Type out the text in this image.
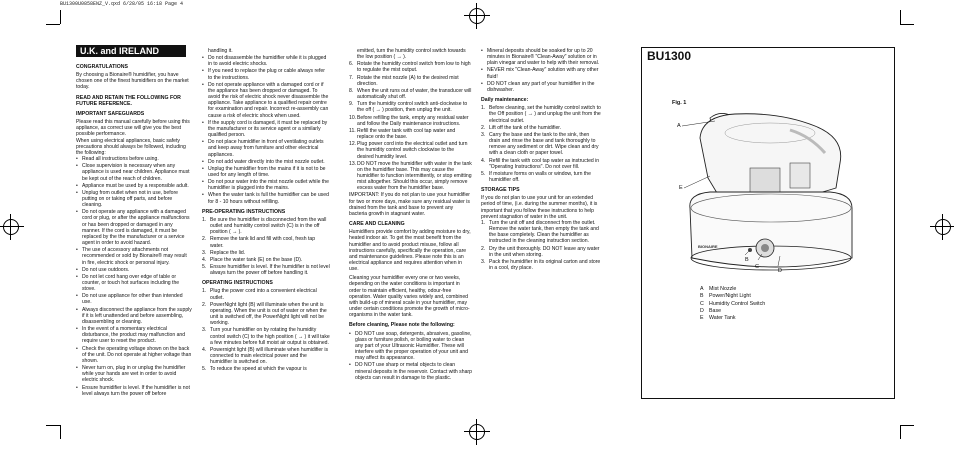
BU1300U0858ENZ_V.qxd 6/28/05 16:18 Page 4
U.K. and IRELAND
CONGRATULATIONS

By choosing a Bionaire® humidifier, you have chosen one of the finest humidifiers on the market today.

READ AND RETAIN THE FOLLOWING FOR FUTURE REFERENCE.
IMPORTANT SAFEGUARDS

Please read this manual carefully before using this appliance, as correct use will give you the best possible performance.

When using electrical appliances, basic safety precautions should always be followed, including the following:

• Read all instructions before using.
• Close supervision is necessary when any appliance is used near children. Appliance must be kept out of the reach of children.
• Appliance must be used by a responsible adult.
• Unplug from outlet when not in use, before putting on or taking off parts, and before cleaning.
• Do not operate any appliance with a damaged cord or plug, or after the appliance malfunctions or has been dropped or damaged in any manner. If the cord is damaged, it must be replaced by the the manufacturer or a service agent in order to avoid hazard.
• The use of accessory attachments not recommended or sold by Bionaire® may result in fire, electric shock or personal injury.
• Do not use outdoors.
• Do not let cord hang over edge of table or counter, or touch hot surfaces including the stove.
• Do not use appliance for other than intended use.
• Always disconnect the appliance from the supply if it is left unattended and before assembling, disassembling or cleaning.
• In the event of a momentary electrical disturbance, the product may malfunction and require user to reset the product.
• Check the operating voltage shown on the back of the unit. Do not operate at higher voltage than shown.
• Never turn on, plug in or unplug the humidifier while your hands are wet in order to avoid electric shock.
• Ensure humidifier is level. If the humidifier is not level always turn the power off before

handling it.

• Do not disassemble the humidifier while it is plugged in to avoid electric shocks.
• If you need to replace the plug or cable always refer to the instructions.
• Do not operate appliance with a damaged cord or if the appliance has been dropped or damaged. To avoid the risk of electric shock never disassemble the appliance. Take appliance to a qualified repair centre for examination and repair. Incorrect re-assembly can cause a risk of electric shock when used.
• If the supply cord is damaged, it must be replaced by the manufacturer or its service agent or a similarly qualified person.
• Do not place humidifier in front of ventilating outlets and keep away from furniture and other electrical appliances.
• Do not add water directly into the mist nozzle outlet.
• Unplug the humidifier from the mains if it is not to be used for any length of time.
• Do not pour water into the mist nozzle outlet while the humidifier is plugged into the mains.
• When the water tank is full the humidifier can be used for 8 - 10 hours without refilling.
PRE-OPERATING INSTRUCTIONS
1. Be sure the humidifier is disconnected from the wall outlet and humidity control switch (C) is in the off position ( → ).
2. Remove the tank lid and fill with cool, fresh tap water.
3. Replace the lid.
4. Place the water tank (E) on the base (D).
5. Ensure humidifier is level. If the humidifier is not level always turn the power off before handling it.
OPERATING INSTRUCTIONS
1. Plug the power cord into a convenient electrical outlet.
2. PowerNight light (B) will illuminate when the unit is operating. When the unit is out of water or when the unit is switched off, the PowerNight light will not be working.
3. Turn your humidifier on by rotating the humidity control switch (C) to the high position ( → ) it will take a few minutes before full moist air output is obtained.
4. Powernight light (B) will illuminate when humidifier is connected to main electrical power and the humidifier is switched on.
5. To reduce the speed at which the vapour is

emitted, turn the humidity control switch towards the low position ( → ).

6. Rotate the humidity control switch from low to high to regulate the mist output.
7. Rotate the mist nozzle (A) to the desired mist direction.
8. When the unit runs out of water, the transducer will automatically shut off.
9. Turn the humidity control switch anti-clockwise to the off ( → ) position, then unplug the unit.
10. Before refilling the tank, empty any residual water and follow the Daily maintenance instructions.
11. Refill the water tank with cool tap water and replace onto the base.
12. Plug power cord into the electrical outlet and turn the humidity control switch clockwise to the desired humidity level.
13. DO NOT move the humidifier with water in the tank on the humidifier base. This may cause the humidifier to function intermittently, or stop emitting mist altogether. Should this occur, simply remove excess water from the humidifier base.

IMPORTANT: If you do not plan to use your humidifier for two or more days, make sure any residual water is drained from the tank and base to prevent any bacteria growth in stagnant water.

CARE AND CLEANING

Humidifiers provide comfort by adding moisture to dry, heated indoor air. To get the most benefit from the humidifier and to avoid product misuse, follow all instructions carefully, specifically the operation, care and maintenance guidelines. Please note this is an electrical appliance and requires attention when in use.

Cleaning your humidifier every one or two weeks, depending on the water conditions is important in order to maintain efficient, healthy, odour-free operation. Water quality varies widely and, combined with build-up of mineral scale in your humidifier, may under certain conditions promote the growth of micro-organisms in the water tank.

Before cleaning, Please note the following:
• DO NOT use soap, detergents, abrasives, gasoline, glass or furniture polish, or boiling water to clean any part of your Ultrasonic Humidifier. These will interfere with the proper operation of your unit and may affect its appearance.
• DO NOT use sharp or metal objects to clean mineral deposits in the reservoir. Contact with sharp objects can result in damage to the plastic.
• Mineral deposits should be soaked for up to 20 minutes in Bionaire® "Clean-Away" solution or in plain vinegar and water to help with their removal.
• NEVER mix "Clean-Away" solution with any other fluid!
• DO NOT clean any part of your humidifier in the dishwasher.
Daily maintenance:
1. Before cleaning, set the humidity control switch to the Off position ( → ) and unplug the unit from the electrical outlet.
2. Lift off the tank of the humidifier.
3. Carry the base and the tank to the sink, then drain and rinse the base and tank thoroughly to remove any sediment or dirt. Wipe clean and dry with a clean cloth or paper towel.
4. Refill the tank with cool tap water as instructed in "Operating Instructions". Do not over fill.
5. If moisture forms on walls or window, turn the humidifier off.
STORAGE TIPS

If you do not plan to use your unit for an extended period of time, (i.e. during the summer months), it is important that you follow these instructions to help prevent stagnation of water in the unit.

1. Turn the unit off and disconnect from the outlet. Remove the water tank, then empty the tank and the base completely. Clean the humidifier as instructed in the cleaning instruction section.
2. Dry the unit thoroughly. DO NOT leave any water in the unit when storing.
3. Pack the humidifier in its original carton and store in a cool, dry place.
BU1300
Fig. 1
BIONAIRE
A
E
B
C
D
A Mist Nozzle
B Power/Night Light
C Humidity Control Switch
D Base
E Water Tank
